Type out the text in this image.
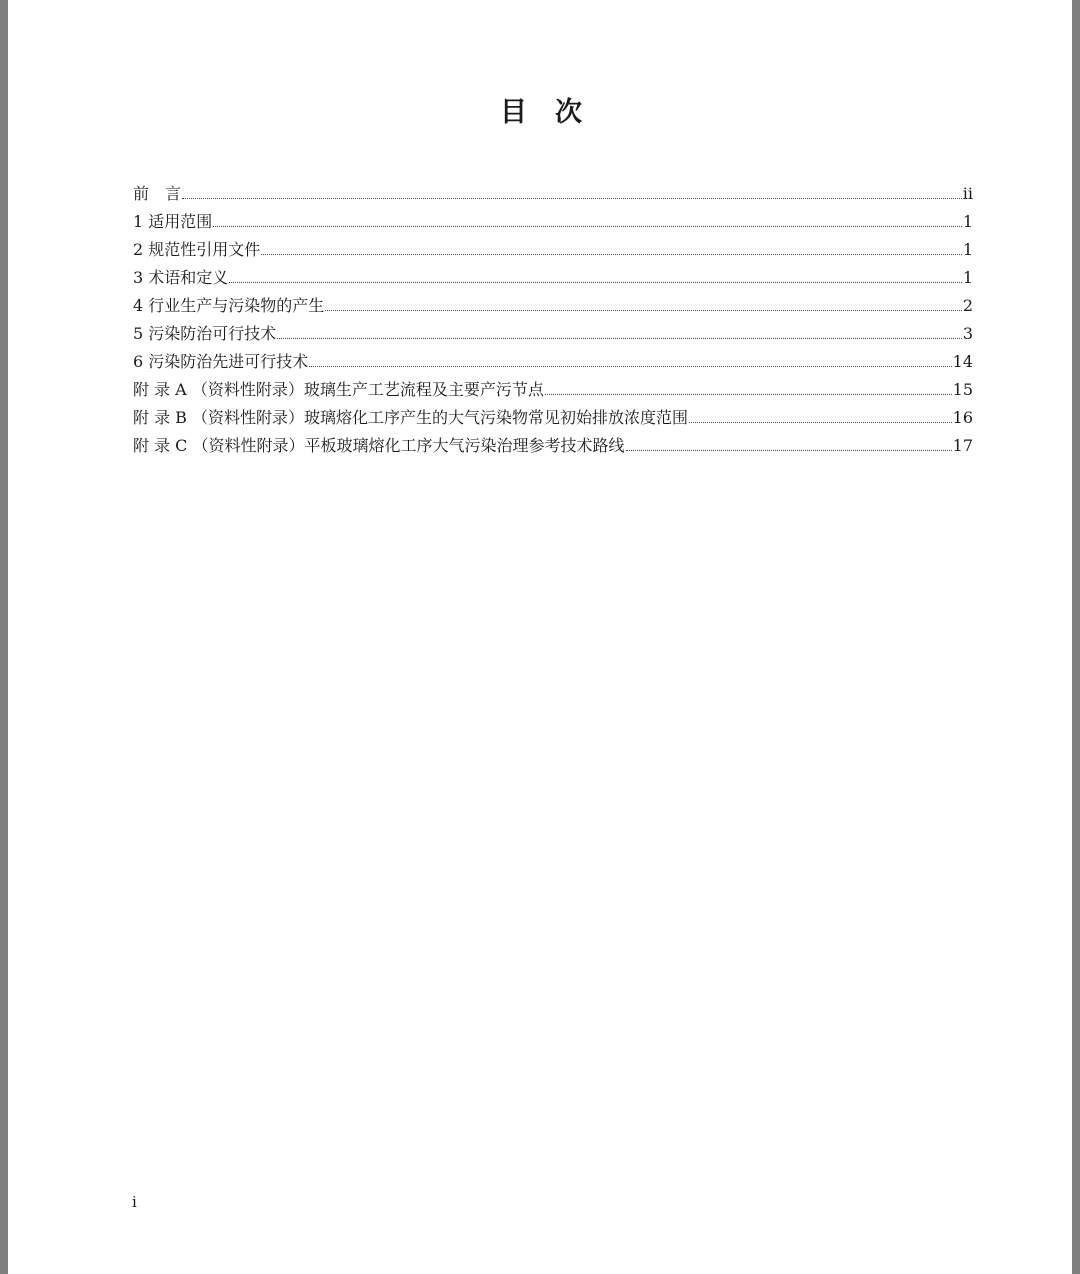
目次
前　言	ii
1 适用范围	1
2 规范性引用文件	1
3 术语和定义	1
4 行业生产与污染物的产生	2
5 污染防治可行技术	3
6 污染防治先进可行技术	14
附 录 A （资料性附录）玻璃生产工艺流程及主要产污节点	15
附 录 B （资料性附录）玻璃熔化工序产生的大气污染物常见初始排放浓度范围	16
附 录 C （资料性附录）平板玻璃熔化工序大气污染治理参考技术路线	17
i
